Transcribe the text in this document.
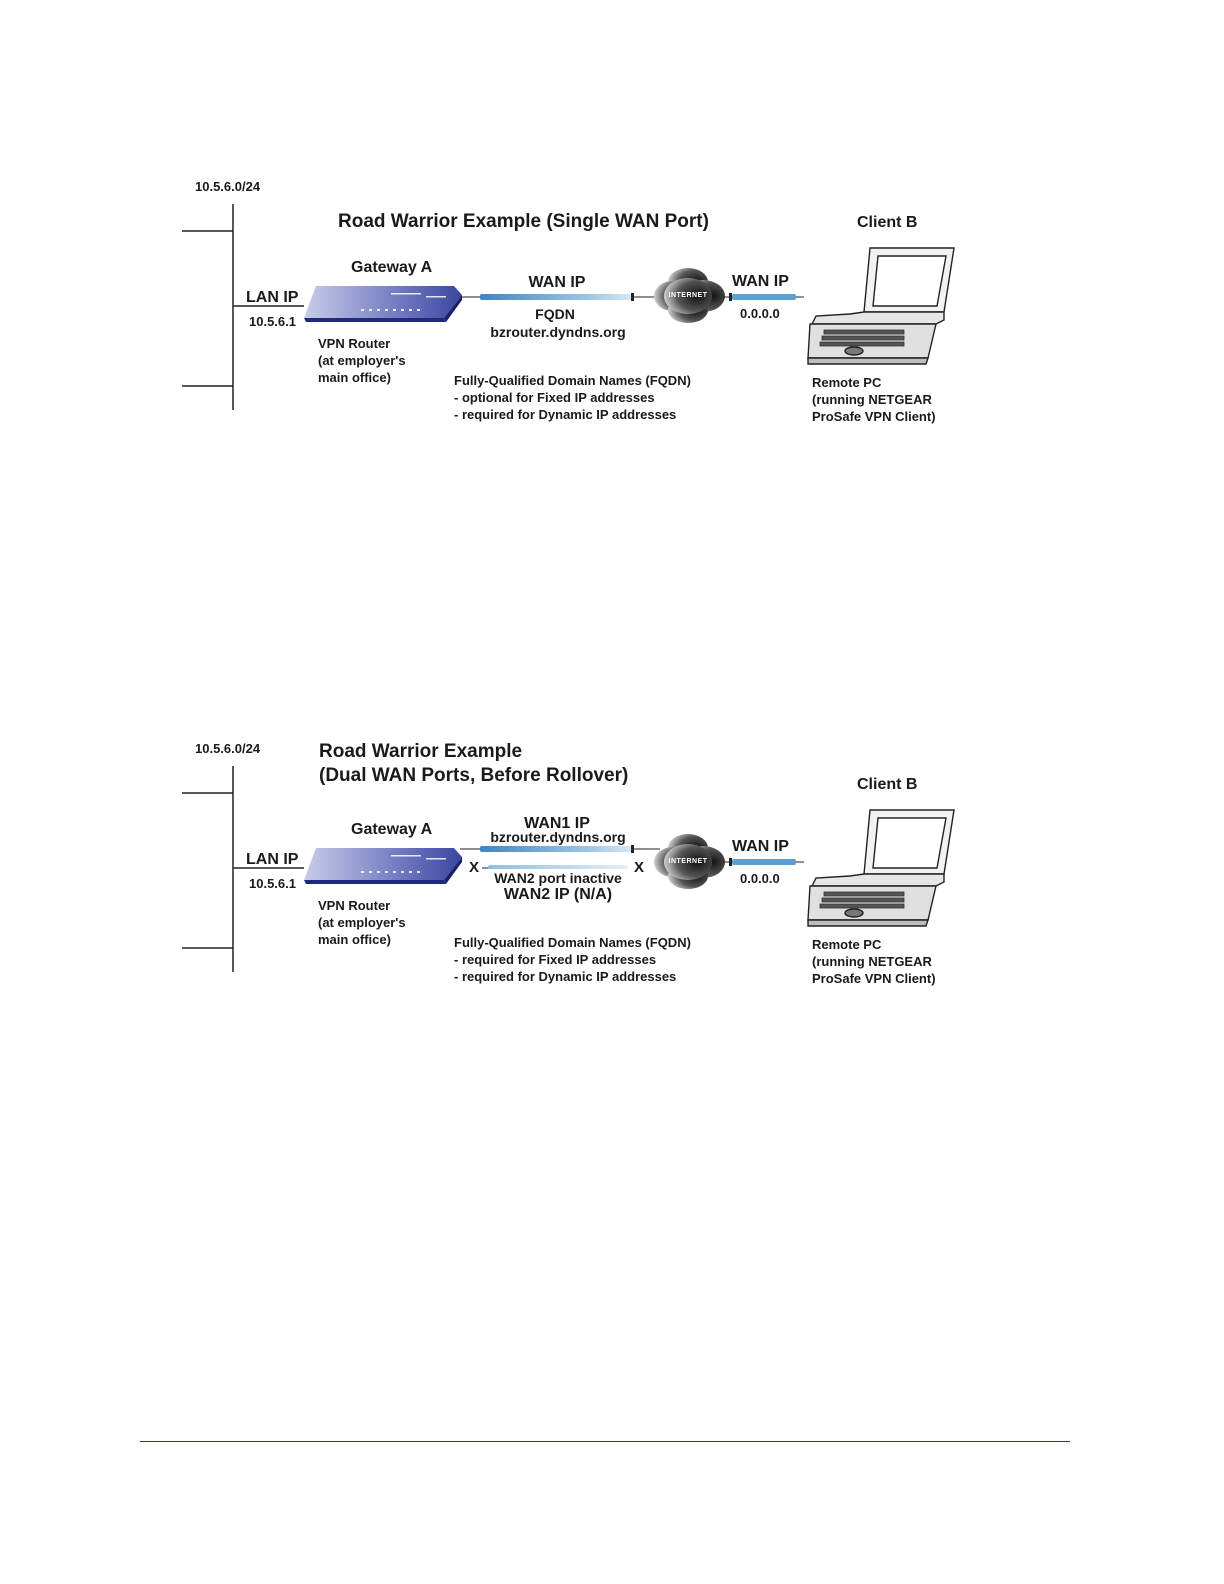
10.5.6.0/24
Road Warrior Example (Single WAN Port)
Gateway A
LAN IP
10.5.6.1
VPN Router
(at employer's
main office)
WAN IP
FQDN
bzrouter.dyndns.org
INTERNET
WAN IP
0.0.0.0
Client B
Fully-Qualified Domain Names (FQDN)
- optional for Fixed IP addresses
- required for Dynamic IP addresses
Remote PC
(running NETGEAR
ProSafe VPN Client)
10.5.6.0/24	Road Warrior Example
(Dual WAN Ports, Before Rollover)
Gateway A
LAN IP
10.5.6.1
VPN Router
(at employer's
main office)
WAN1 IP
bzrouter.dyndns.org
X	X
WAN2 port inactive
WAN2 IP (N/A)
INTERNET
WAN IP
0.0.0.0
Client B
Fully-Qualified Domain Names (FQDN)
- required for Fixed IP addresses
- required for Dynamic IP addresses
Remote PC
(running NETGEAR
ProSafe VPN Client)
